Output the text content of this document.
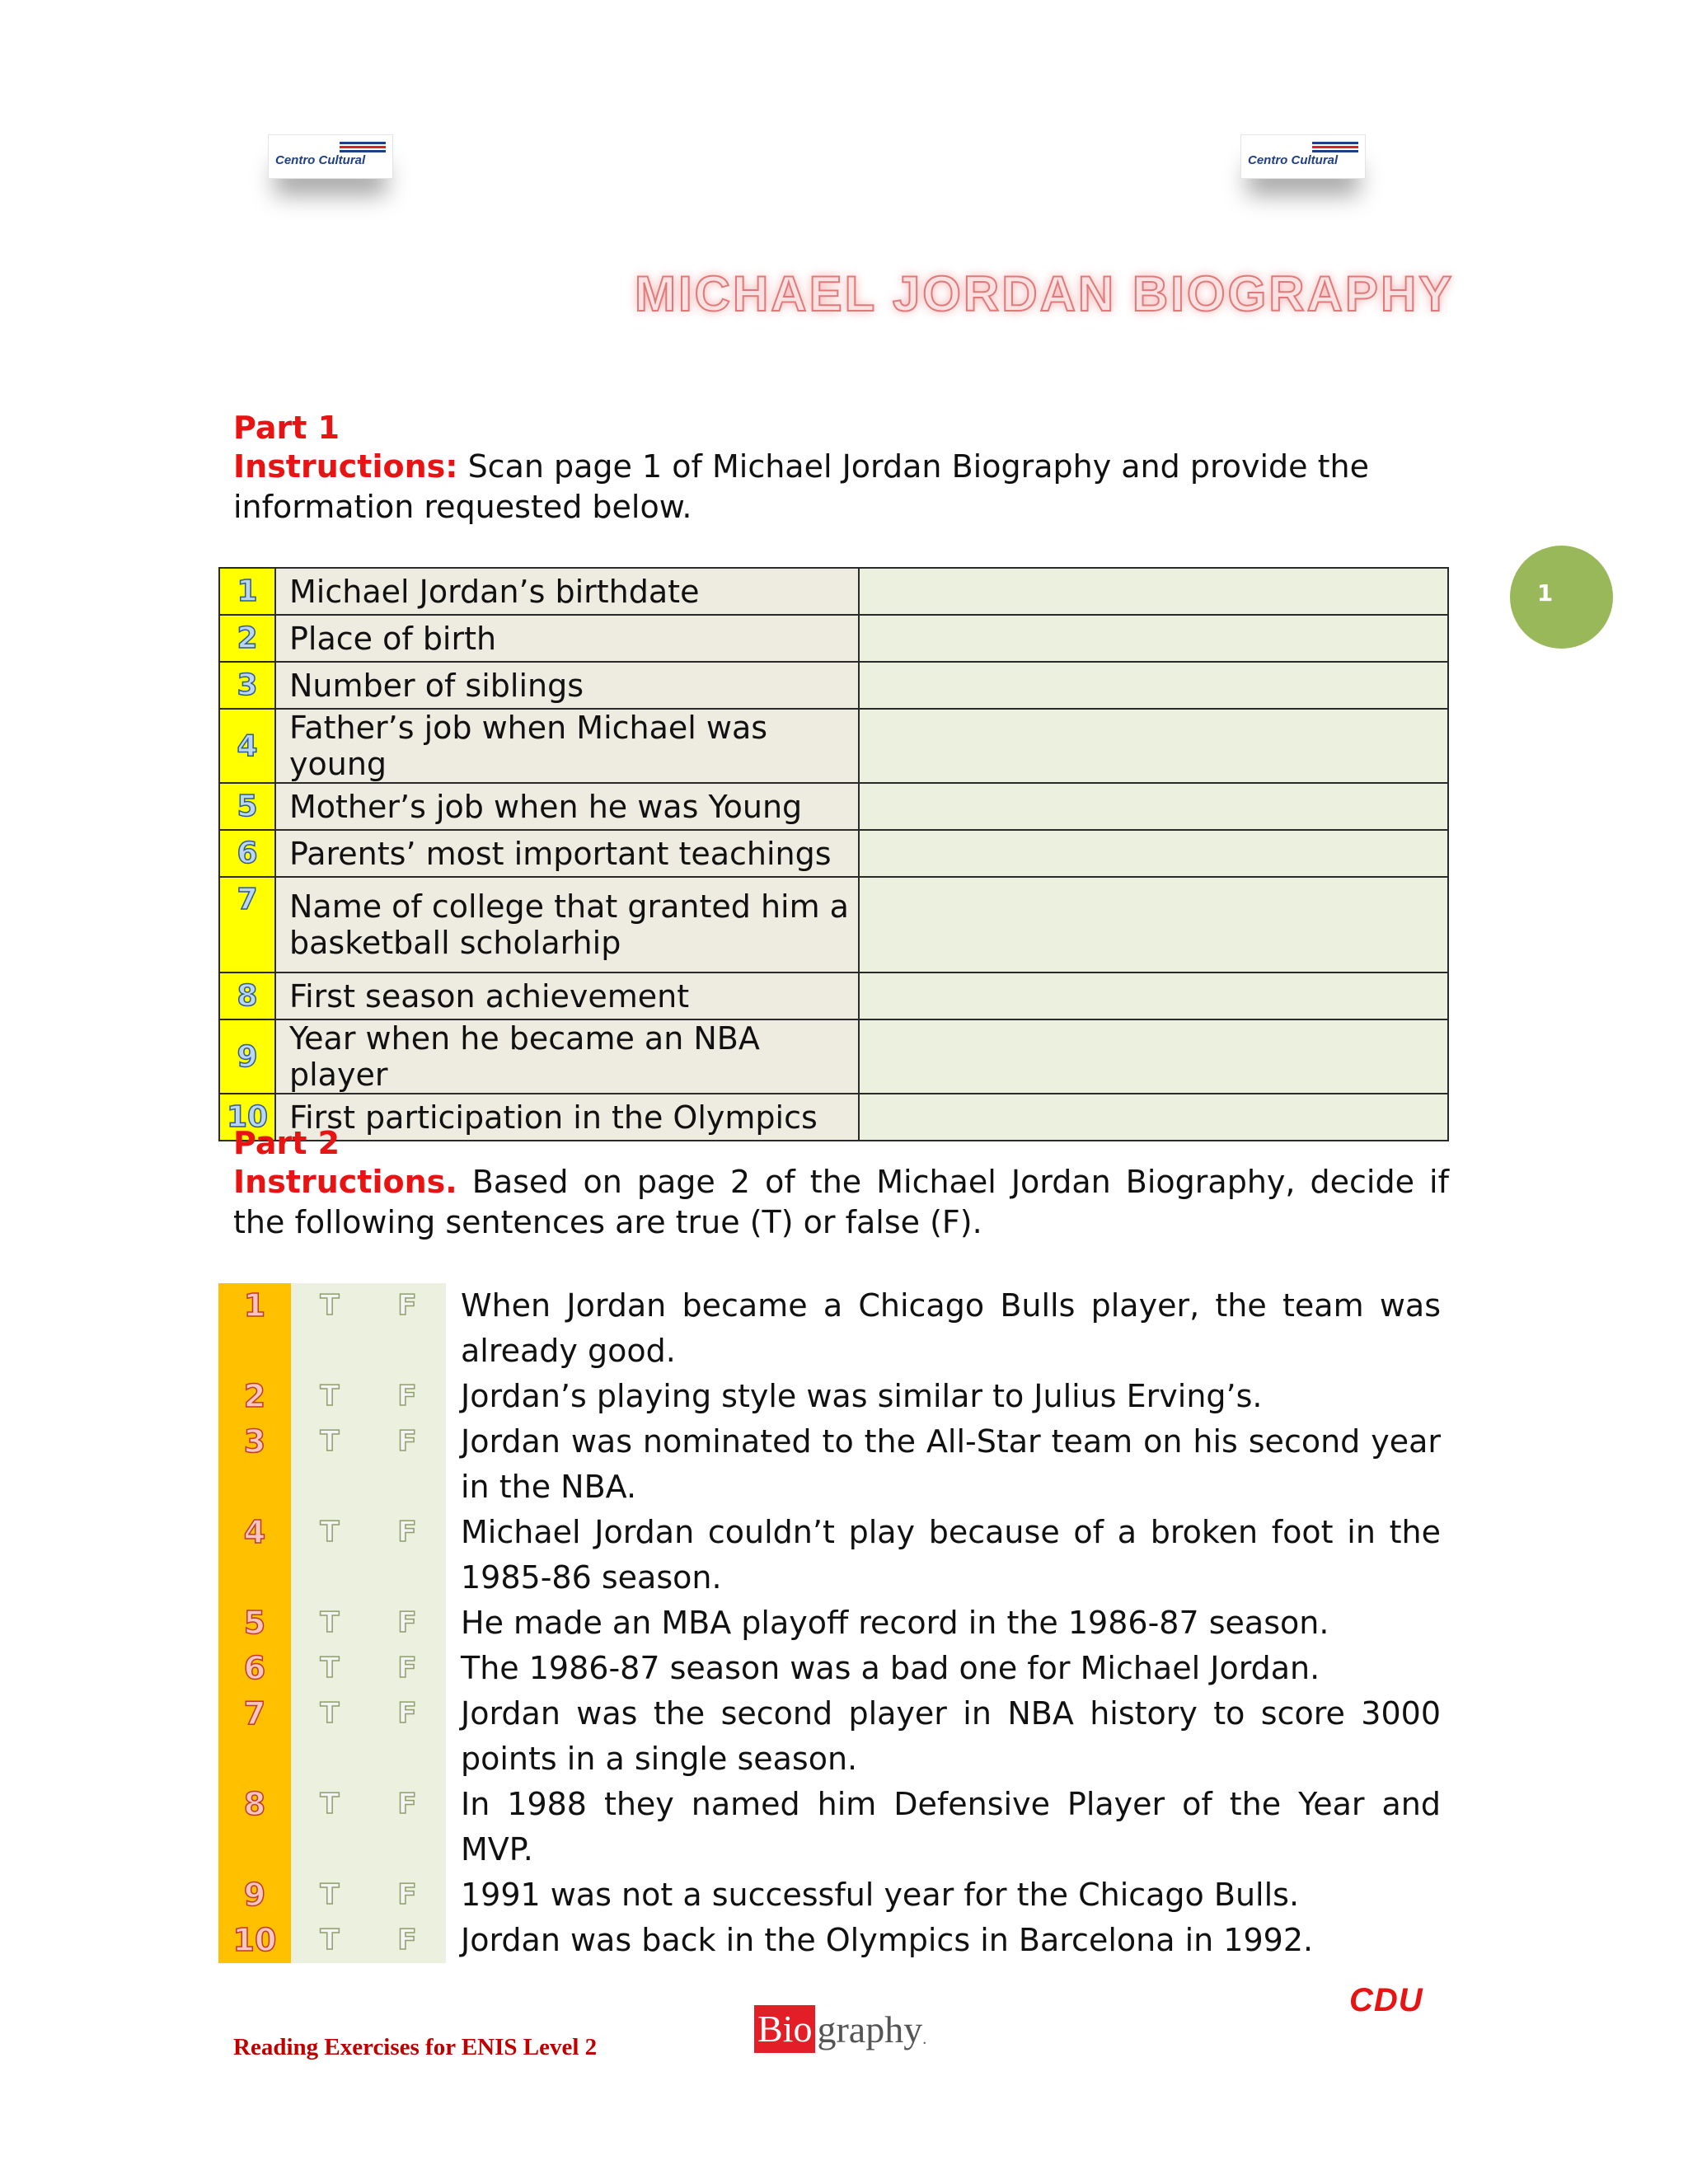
Centro Cultural	Centro Cultural
MICHAEL JORDAN BIOGRAPHY
1
Part 1
Instructions: Scan page 1 of Michael Jordan Biography and provide the information requested below.
1	Michael Jordan’s birthdate	
2	Place of birth	
3	Number of siblings	
4	Father’s job when Michael was young	
5	Mother’s job when he was Young	
6	Parents’ most important teachings	
7	Name of college that granted him a basketball scholarhip	
8	First season achievement	
9	Year when he became an NBA player	
10	First participation in the Olympics	
Part 2
Instructions. Based on page 2 of the Michael Jordan Biography, decide if the following sentences are true (T) or false (F).
1	T F	When Jordan became a Chicago Bulls player, the team was already good.
2	T F	Jordan’s playing style was similar to Julius Erving’s.
3	T F	Jordan was nominated to the All-Star team on his second year in the NBA.
4	T F	Michael Jordan couldn’t play because of a broken foot in the 1985-86 season.
5	T F	He made an MBA playoff record in the 1986-87 season.
6	T F	The 1986-87 season was a bad one for Michael Jordan.
7	T F	Jordan was the second player in NBA history to score 3000 points in a single season.
8	T F	In 1988 they named him Defensive Player of the Year and MVP.
9	T F	1991 was not a successful year for the Chicago Bulls.
10	T F	Jordan was back in the Olympics in Barcelona in 1992.
Reading Exercises for ENIS Level 2	Bio graphy .
CDU
